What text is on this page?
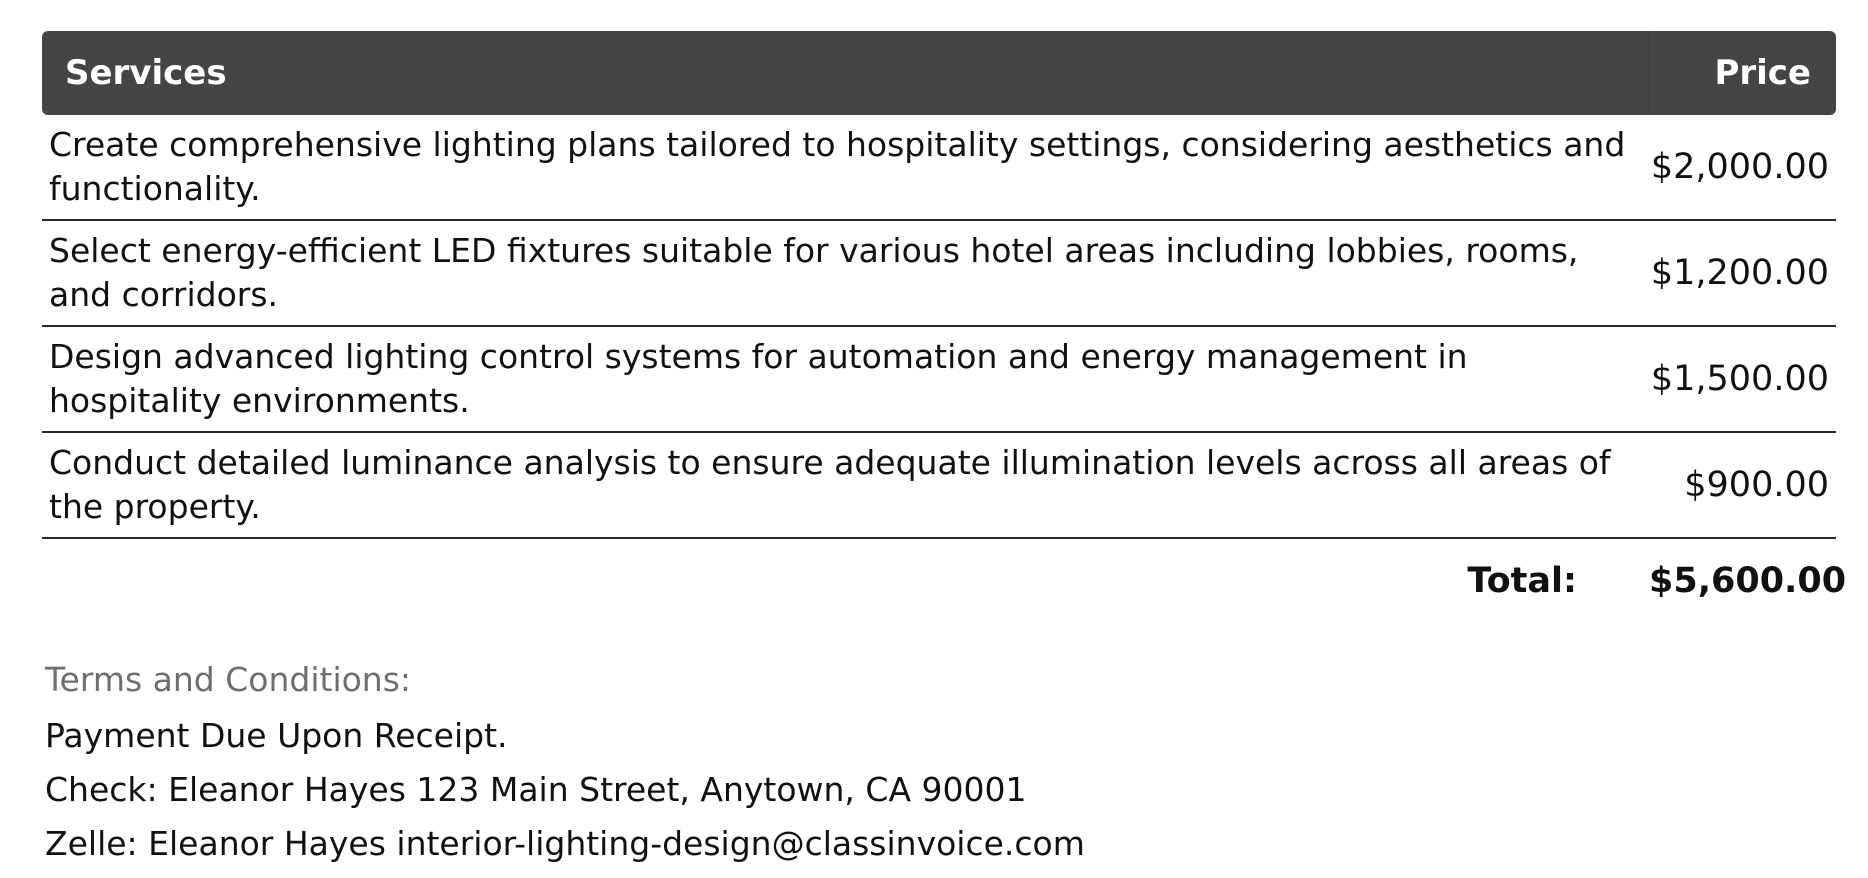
Services	Price
Create comprehensive lighting plans tailored to hospitality settings, considering aesthetics and functionality.
$2,000.00
Select energy-efficient LED fixtures suitable for various hotel areas including lobbies, rooms, and corridors.
$1,200.00
Design advanced lighting control systems for automation and energy management in hospitality environments.
$1,500.00
Conduct detailed luminance analysis to ensure adequate illumination levels across all areas of the property.
$900.00
Total: $5,600.00
Terms and Conditions:
Payment Due Upon Receipt.
Check: Eleanor Hayes 123 Main Street, Anytown, CA 90001
Zelle: Eleanor Hayes interior-lighting-design@classinvoice.com
